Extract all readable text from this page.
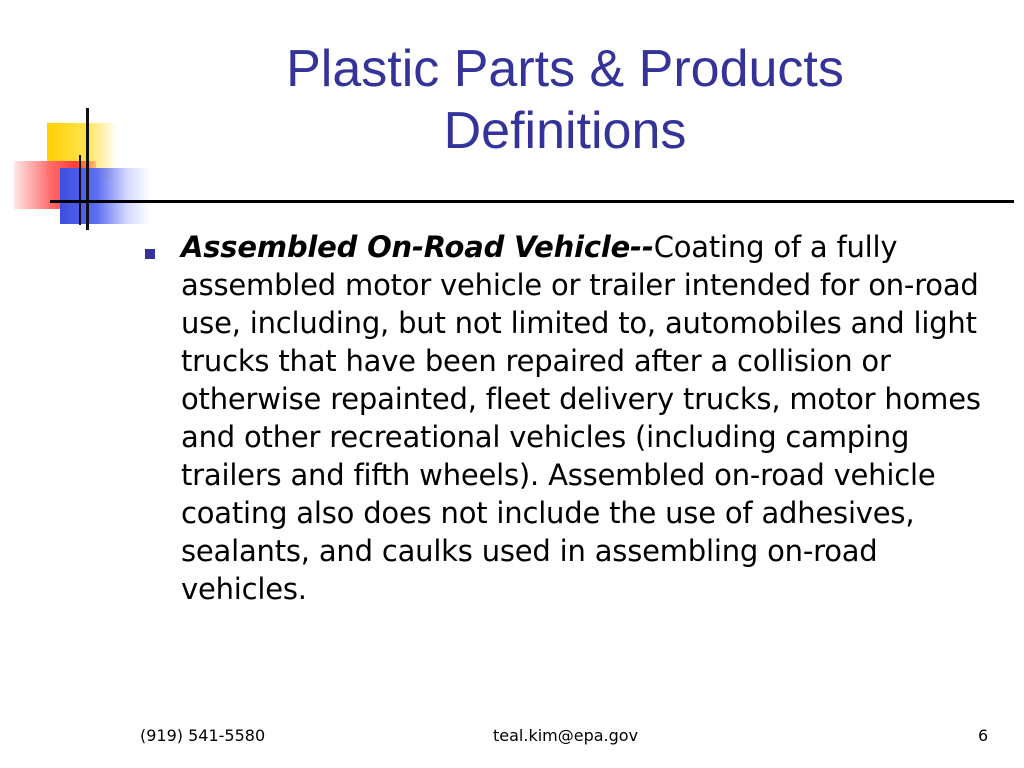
Plastic Parts & Products
Definitions
Assembled On-Road Vehicle--Coating of a fully assembled motor vehicle or trailer intended for on-road use, including, but not limited to, automobiles and light trucks that have been repaired after a collision or otherwise repainted, fleet delivery trucks, motor homes and other recreational vehicles (including camping trailers and fifth wheels). Assembled on-road vehicle coating also does not include the use of adhesives, sealants, and caulks used in assembling on-road vehicles.
(919) 541-5580	teal.kim@epa.gov	6
